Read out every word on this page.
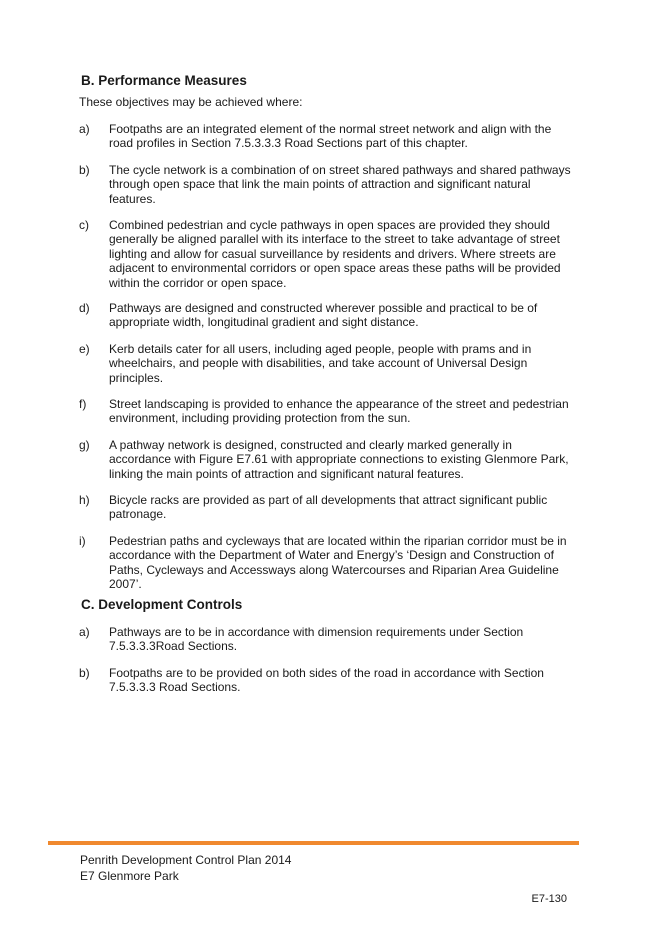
B. Performance Measures

These objectives may be achieved where:

a) Footpaths are an integrated element of the normal street network and align with the road profiles in Section 7.5.3.3.3 Road Sections part of this chapter.
b) The cycle network is a combination of on street shared pathways and shared pathways through open space that link the main points of attraction and significant natural features.
c) Combined pedestrian and cycle pathways in open spaces are provided they should generally be aligned parallel with its interface to the street to take advantage of street lighting and allow for casual surveillance by residents and drivers. Where streets are adjacent to environmental corridors or open space areas these paths will be provided within the corridor or open space.
d) Pathways are designed and constructed wherever possible and practical to be of appropriate width, longitudinal gradient and sight distance.
e) Kerb details cater for all users, including aged people, people with prams and in wheelchairs, and people with disabilities, and take account of Universal Design principles.
f) Street landscaping is provided to enhance the appearance of the street and pedestrian environment, including providing protection from the sun.
g) A pathway network is designed, constructed and clearly marked generally in accordance with Figure E7.61 with appropriate connections to existing Glenmore Park, linking the main points of attraction and significant natural features.
h) Bicycle racks are provided as part of all developments that attract significant public patronage.
i) Pedestrian paths and cycleways that are located within the riparian corridor must be in accordance with the Department of Water and Energy’s ‘Design and Construction of Paths, Cycleways and Accessways along Watercourses and Riparian Area Guideline 2007’.
C. Development Controls
a) Pathways are to be in accordance with dimension requirements under Section 7.5.3.3.3Road Sections.
b) Footpaths are to be provided on both sides of the road in accordance with Section 7.5.3.3.3 Road Sections.
Penrith Development Control Plan 2014
E7 Glenmore Park
E7-130
